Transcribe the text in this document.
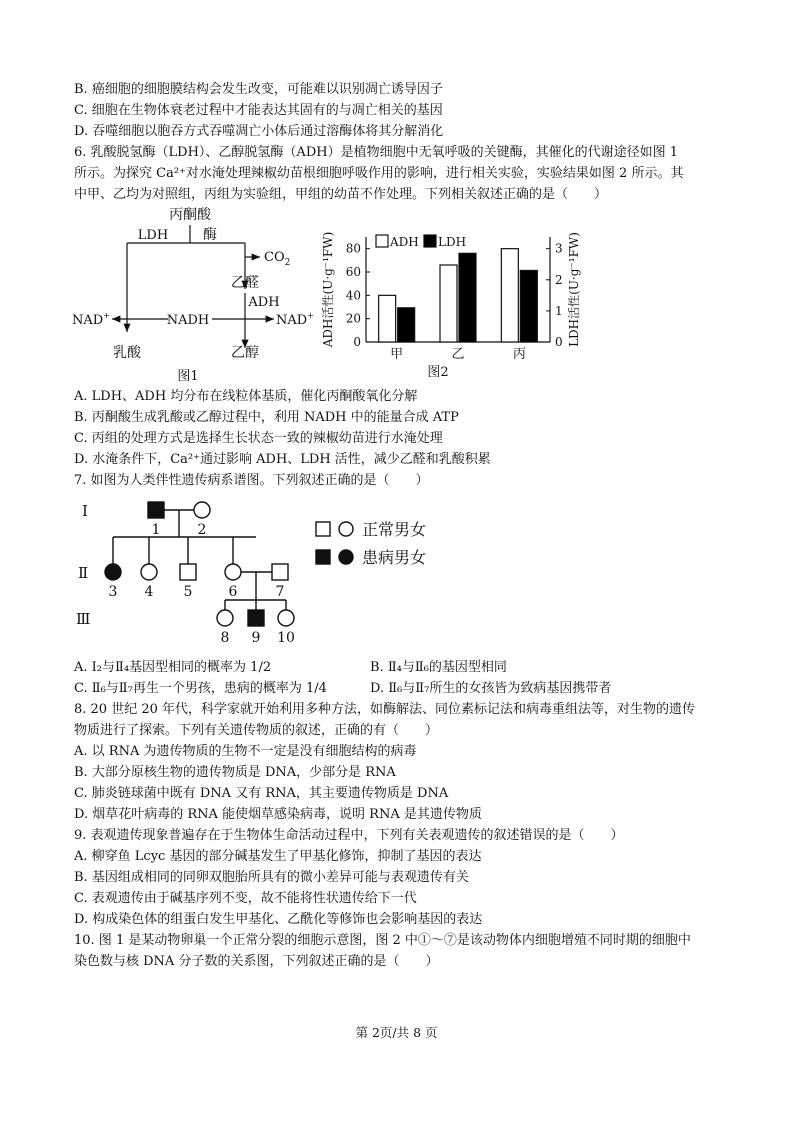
B. 癌细胞的细胞膜结构会发生改变，可能难以识别凋亡诱导因子
C. 细胞在生物体衰老过程中才能表达其固有的与凋亡相关的基因
D. 吞噬细胞以胞吞方式吞噬凋亡小体后通过溶酶体将其分解消化
6. 乳酸脱氢酶（LDH）、乙醇脱氢酶（ADH）是植物细胞中无氧呼吸的关键酶，其催化的代谢途径如图 1
所示。为探究 Ca²⁺对水淹处理辣椒幼苗根细胞呼吸作用的影响，进行相关实验，实验结果如图 2 所示。其
中甲、乙均为对照组，丙组为实验组，甲组的幼苗不作处理。下列相关叙述正确的是（　　）
丙酮酸
LDH 酶
$CO_2$
乙醛
ADH
NAD+	NADH	NAD+
乳酸	乙醇
图1
0
20
40
60
80
0
1
2
3
ADH活性(U·g⁻¹FW)	LDH活性(U·g⁻¹FW)
甲	乙	丙
ADH LDH
图2
A. LDH、ADH 均分布在线粒体基质，催化丙酮酸氧化分解
B. 丙酮酸生成乳酸或乙醇过程中，利用 NADH 中的能量合成 ATP
C. 丙组的处理方式是选择生长状态一致的辣椒幼苗进行水淹处理
D. 水淹条件下，Ca²⁺通过影响 ADH、LDH 活性，减少乙醛和乳酸积累
7. 如图为人类伴性遗传病系谱图。下列叙述正确的是（　　）
Ⅰ
Ⅱ
Ⅲ
1	2
3 4 5	6	7
8 9 10
正常男女
患病男女
A. Ⅰ₂与Ⅱ₄基因型相同的概率为 1/2	B. Ⅱ₄与Ⅱ₆的基因型相同
C. Ⅱ₆与Ⅱ₇再生一个男孩，患病的概率为 1/4	D. Ⅱ₆与Ⅱ₇所生的女孩皆为致病基因携带者
8. 20 世纪 20 年代，科学家就开始利用多种方法，如酶解法、同位素标记法和病毒重组法等，对生物的遗传
物质进行了探索。下列有关遗传物质的叙述，正确的有（　　）
A. 以 RNA 为遗传物质的生物不一定是没有细胞结构的病毒
B. 大部分原核生物的遗传物质是 DNA，少部分是 RNA
C. 肺炎链球菌中既有 DNA 又有 RNA，其主要遗传物质是 DNA
D. 烟草花叶病毒的 RNA 能使烟草感染病毒，说明 RNA 是其遗传物质
9. 表观遗传现象普遍存在于生物体生命活动过程中，下列有关表观遗传的叙述错误的是（　　）
A. 柳穿鱼 Lcyc 基因的部分碱基发生了甲基化修饰，抑制了基因的表达
B. 基因组成相同的同卵双胞胎所具有的微小差异可能与表观遗传有关
C. 表观遗传由于碱基序列不变，故不能将性状遗传给下一代
D. 构成染色体的组蛋白发生甲基化、乙酰化等修饰也会影响基因的表达
10. 图 1 是某动物卵巢一个正常分裂的细胞示意图，图 2 中①～⑦是该动物体内细胞增殖不同时期的细胞中
染色数与核 DNA 分子数的关系图，下列叙述正确的是（　　）
第 2页/共 8 页
